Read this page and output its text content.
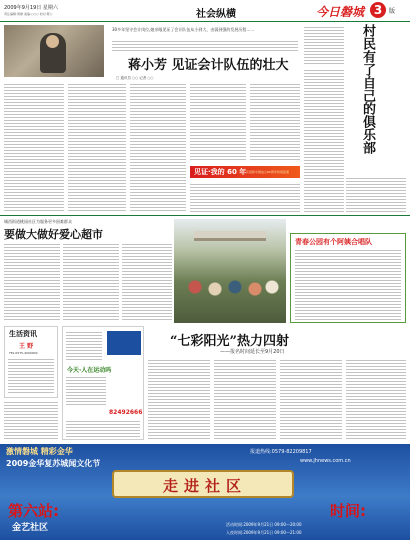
2009年9月19日 星期六
责任编辑:周健 美编:○○○ 校对:陈○	社会纵横	今日磐城 3	版
30多年坚守会计岗位,她亲眼见证了会计队伍从小到大、由弱到强的发展历程……
蒋小芳 见证会计队伍的壮大
□ 通讯员 ○○ 记者 ○○
见证·我的 60 年 庆祝新中国成立60周年特别报道
村民有了自己的俱乐部
城西街道桃园社区为服务更多困难群众
要做大做好爱心超市
青春公园有个阿姨合唱队
生活资讯
王 野
TEL:0575-4000000
今天·人在运动吗
82492666
“七彩阳光”热力四射
——报名时间延长至9月20日
激情磐城 精彩金华
2009金华复苏城闻文化节
报道热线:0579-82209817
www.jhnews.com.cn
走进社区
第六站:
金艺社区
时间:
活动时间:2009年9月21日 09:00—20:00
入夜时间:2009年9月21日 09:00—21:00
